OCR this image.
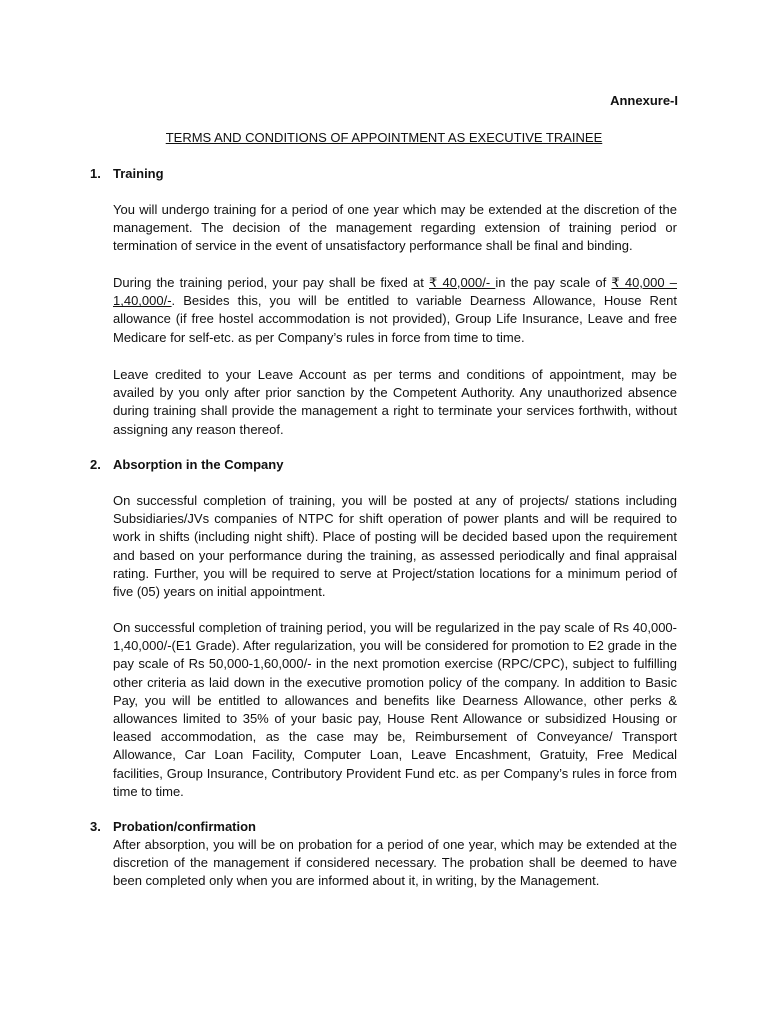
Annexure-I
TERMS AND CONDITIONS OF APPOINTMENT AS EXECUTIVE TRAINEE
1. Training

You will undergo training for a period of one year which may be extended at the discretion of the management. The decision of the management regarding extension of training period or termination of service in the event of unsatisfactory performance shall be final and binding.

During the training period, your pay shall be fixed at ₹ 40,000/- in the pay scale of ₹ 40,000 – 1,40,000/-. Besides this, you will be entitled to variable Dearness Allowance, House Rent allowance (if free hostel accommodation is not provided), Group Life Insurance, Leave and free Medicare for self-etc. as per Company’s rules in force from time to time.

Leave credited to your Leave Account as per terms and conditions of appointment, may be availed by you only after prior sanction by the Competent Authority. Any unauthorized absence during training shall provide the management a right to terminate your services forthwith, without assigning any reason thereof.

2. Absorption in the Company

On successful completion of training, you will be posted at any of projects/ stations including Subsidiaries/JVs companies of NTPC for shift operation of power plants and will be required to work in shifts (including night shift). Place of posting will be decided based upon the requirement and based on your performance during the training, as assessed periodically and final appraisal rating. Further, you will be required to serve at Project/station locations for a minimum period of five (05) years on initial appointment.

On successful completion of training period, you will be regularized in the pay scale of Rs 40,000-1,40,000/-(E1 Grade). After regularization, you will be considered for promotion to E2 grade in the pay scale of Rs 50,000-1,60,000/- in the next promotion exercise (RPC/CPC), subject to fulfilling other criteria as laid down in the executive promotion policy of the company. In addition to Basic Pay, you will be entitled to allowances and benefits like Dearness Allowance, other perks & allowances limited to 35% of your basic pay, House Rent Allowance or subsidized Housing or leased accommodation, as the case may be, Reimbursement of Conveyance/ Transport Allowance, Car Loan Facility, Computer Loan, Leave Encashment, Gratuity, Free Medical facilities, Group Insurance, Contributory Provident Fund etc. as per Company’s rules in force from time to time.

3. Probation/confirmation

After absorption, you will be on probation for a period of one year, which may be extended at the discretion of the management if considered necessary. The probation shall be deemed to have been completed only when you are informed about it, in writing, by the Management.
